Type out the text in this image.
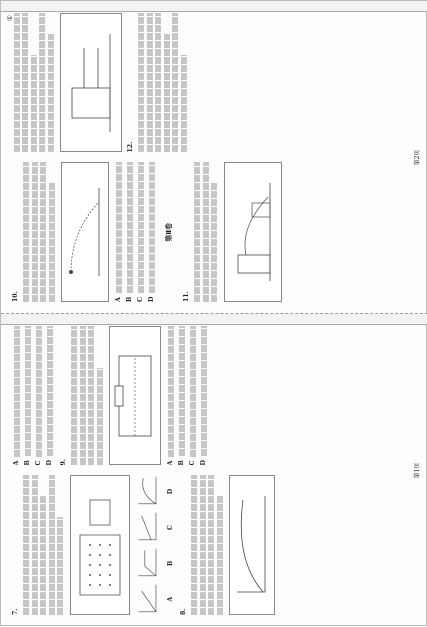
7.
A
B
C
D
8.
A B C D 9.	A B C D	第1页
①
10.	A B C D
第Ⅱ卷
11.
12.
第2页
